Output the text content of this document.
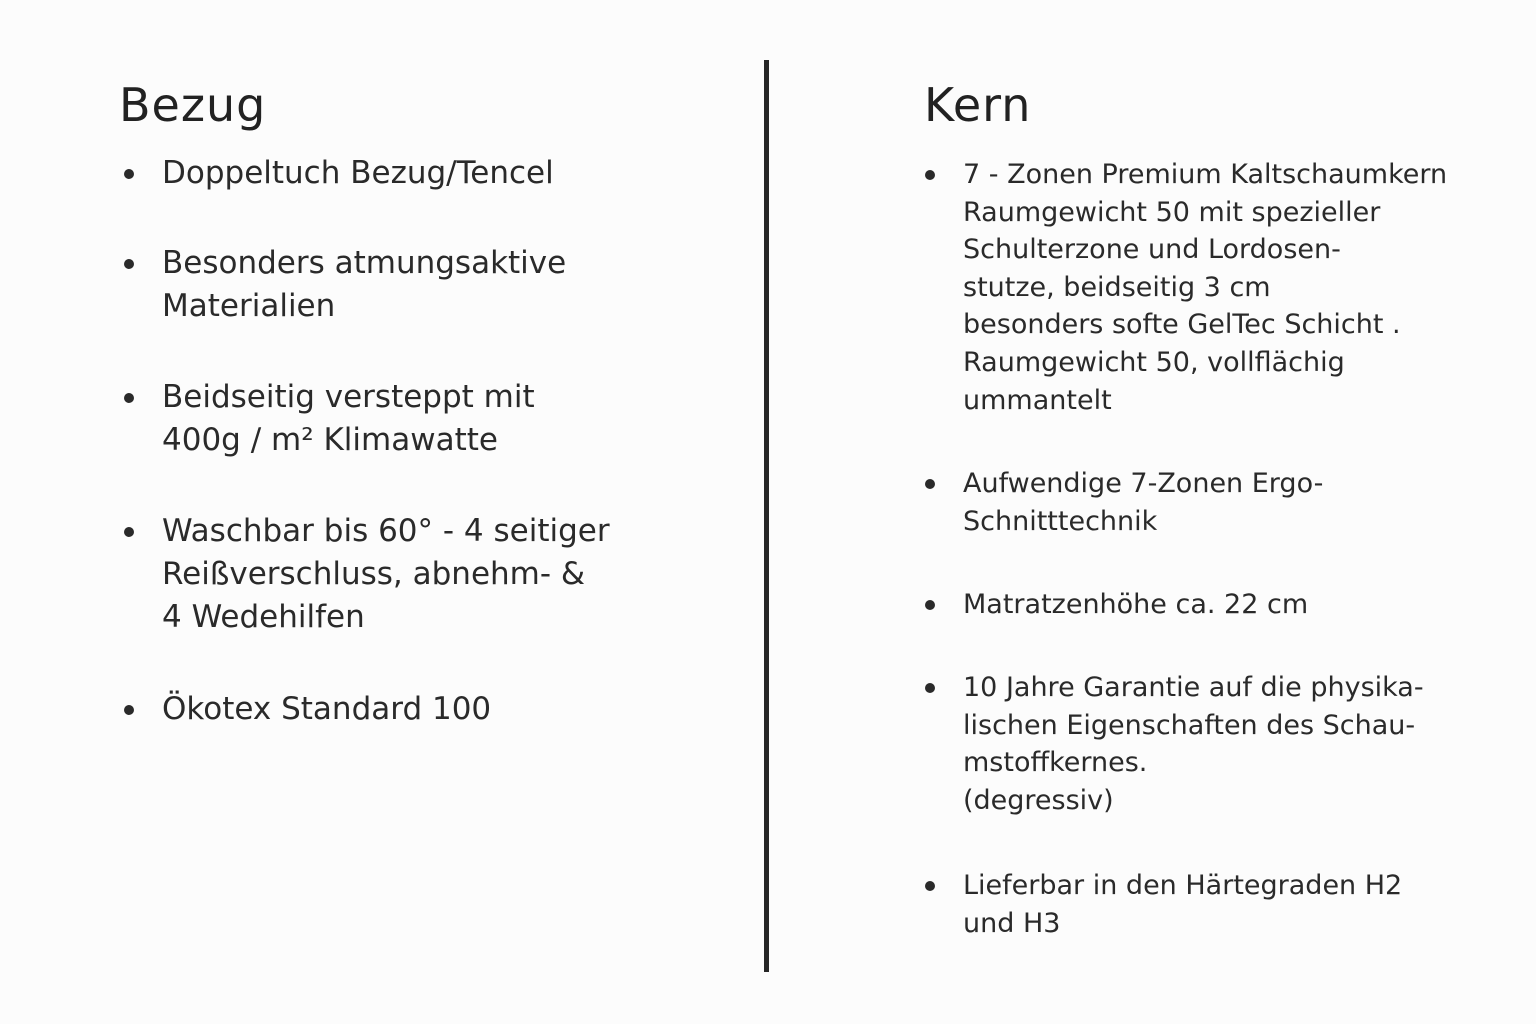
Bezug
Doppeltuch Bezug/Tencel
Besonders atmungsaktive
Materialien
Beidseitig versteppt mit
400g / m² Klimawatte
Waschbar bis 60° - 4 seitiger
Reißverschluss, abnehm- &
4 Wedehilfen
Ökotex Standard 100
Kern
7 - Zonen Premium Kaltschaumkern
Raumgewicht 50 mit spezieller
Schulterzone und Lordosen-
stutze, beidseitig 3 cm
besonders softe GelTec Schicht .
Raumgewicht 50, vollflächig
ummantelt
Aufwendige 7-Zonen Ergo-
Schnitttechnik
Matratzenhöhe ca. 22 cm
10 Jahre Garantie auf die physika-
lischen Eigenschaften des Schau-
mstoffkernes.
(degressiv)
Lieferbar in den Härtegraden H2
und H3
